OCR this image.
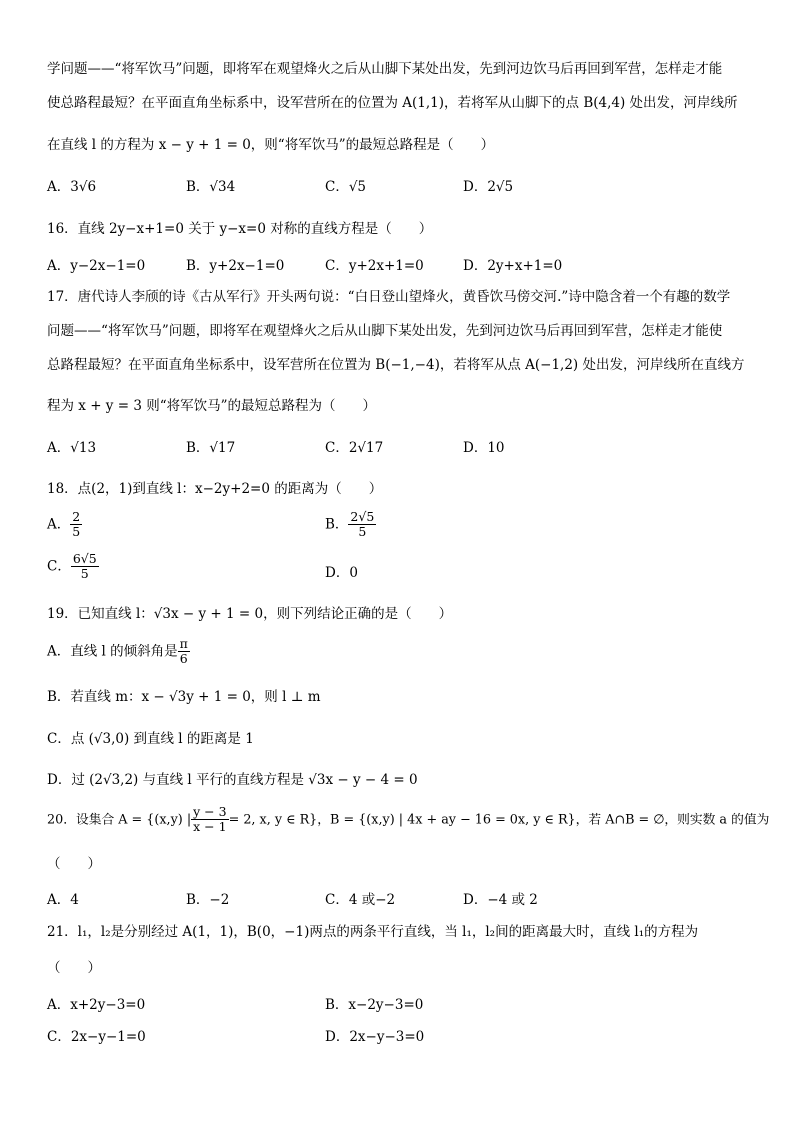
学问题——“将军饮马”问题，即将军在观望烽火之后从山脚下某处出发，先到河边饮马后再回到军营，怎样走才能
使总路程最短？在平面直角坐标系中，设军营所在的位置为 A(1,1)，若将军从山脚下的点 B(4,4) 处出发，河岸线所
在直线 l 的方程为 x − y + 1 = 0，则“将军饮马”的最短总路程是（　　）
A．3√6	B．√34	C．√5	D．2√5
16．直线 2y−x+1=0 关于 y−x=0 对称的直线方程是（　　）
A．y−2x−1=0	B．y+2x−1=0	C．y+2x+1=0	D．2y+x+1=0
17．唐代诗人李颀的诗《古从军行》开头两句说：“白日登山望烽火，黄昏饮马傍交河.”诗中隐含着一个有趣的数学
问题——“将军饮马”问题，即将军在观望烽火之后从山脚下某处出发，先到河边饮马后再回到军营，怎样走才能使
总路程最短？在平面直角坐标系中，设军营所在位置为 B(−1,−4)，若将军从点 A(−1,2) 处出发，河岸线所在直线方
程为 x + y = 3 则“将军饮马”的最短总路程为（　　）
A．√13	B．√17	C．2√17	D．10
18．点(2，1)到直线 l：x−2y+2=0 的距离为（　　）
A． $\frac{2}{5}$	B． $\frac{2√5}{5}$
C． $\frac{6√5}{5}$	D．0
19．已知直线 l：√3x − y + 1 = 0，则下列结论正确的是（　　）
A．直线 l 的倾斜角是 $\frac{\pi}{6}$
B．若直线 m：x − √3y + 1 = 0，则 l ⊥ m
C．点 (√3,0) 到直线 l 的距离是 1
D．过 (2√3,2) 与直线 l 平行的直线方程是 √3x − y − 4 = 0
20．设集合 A = {(x,y) | $\frac{y - 3}{x - 1} = 2$, x, y ∈ R}，B = {(x,y) | 4x + ay − 16 = 0x, y ∈ R}，若 A∩B = ∅，则实数 a 的值为
（　　）
A．4	B．−2	C．4 或−2	D．−4 或 2
21．l₁，l₂是分别经过 A(1，1)，B(0，−1)两点的两条平行直线，当 l₁，l₂间的距离最大时，直线 l₁的方程为
（　　）
A．x+2y−3=0	B．x−2y−3=0
C．2x−y−1=0	D．2x−y−3=0
